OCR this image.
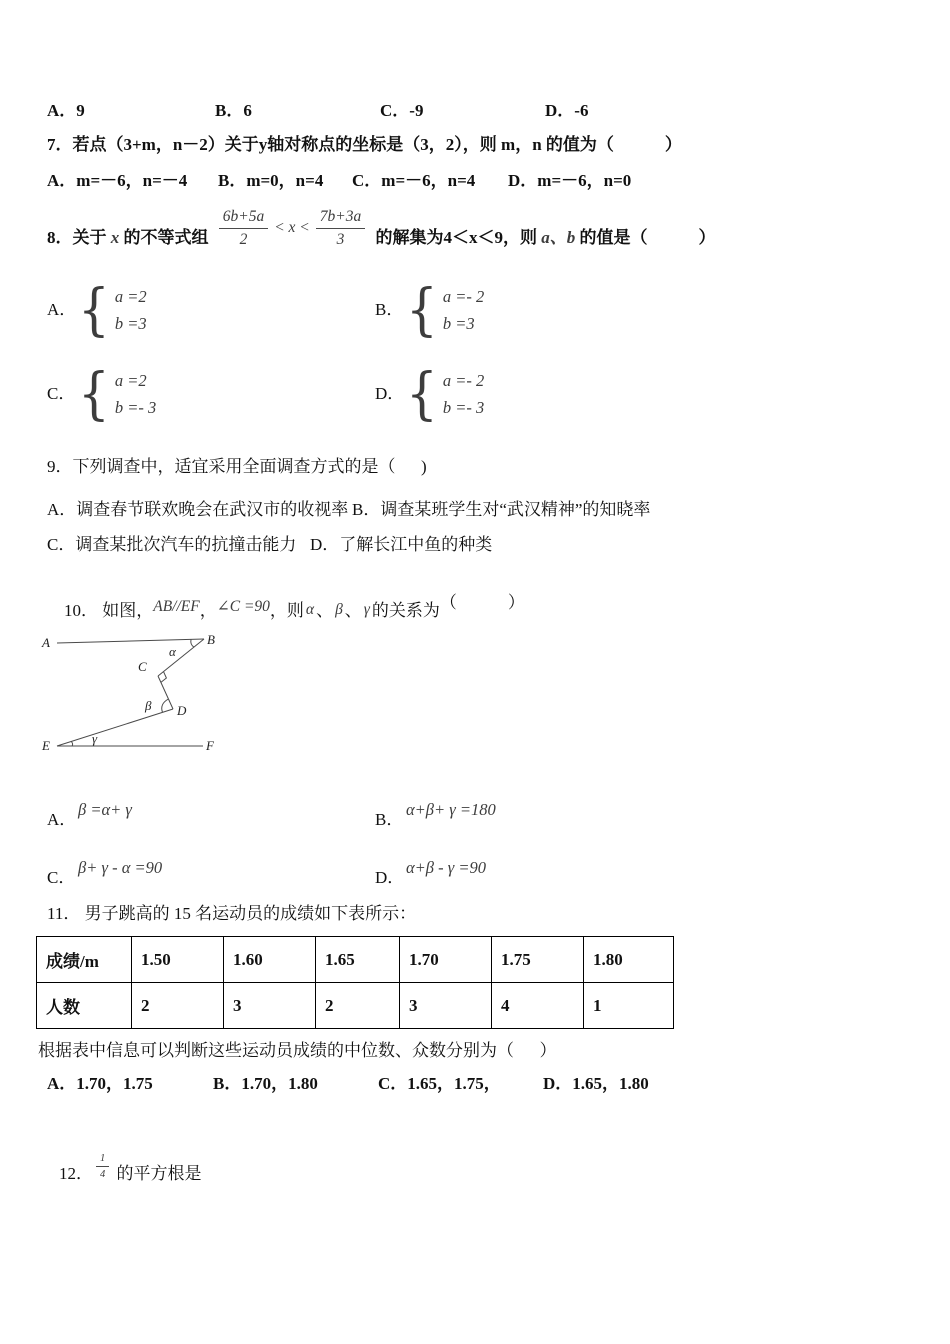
A．9	B．6	C．-9	D．-6
7．若点（3+m，n－2）关于y轴对称点的坐标是（3，2），则 m，n 的值为（　　　）
A．m=－6，n=－4 B．m=0，n=4 C．m=－6，n=4 D．m=－6，n=0
8．关于 x 的不等式组 $\frac{6b+5a}{2} < x < \frac{7b+3a}{3}$ 的解集为4＜x＜9，则 a、b 的值是（　　　）
A． { a =2
b =3
B． { a =- 2
b =3
C． { a =2
b =- 3
D． { a =- 2
b =- 3
9．下列调查中，适宜采用全面调查方式的是（　  )
A．调查春节联欢晚会在武汉市的收视率 B．调查某班学生对“武汉精神”的知晓率
C．调查某批次汽车的抗撞击能力 D．了解长江中鱼的种类

10． 如图，AB//EF，∠C =90，则 α 、 β 、 γ 的关系为（　　　）

A	B
C
D
E	F
α
β
γ
A．
β =α+ γ
B．
α+β+ γ =180
C．
β+ γ - α =90
D．
α+β - γ =90
11． 男子跳高的 15 名运动员的成绩如下表所示：
成绩/m	1.50	1.60	1.65	1.70	1.75	1.80
人数	2	3	2	3	4	1
根据表中信息可以判断这些运动员成绩的中位数、众数分别为（　  ）
A．1.70，1.75	B．1.70，1.80	C．1.65，1.75， D．1.65，1.80

12． $\frac{1}{4}$ 的平方根是
